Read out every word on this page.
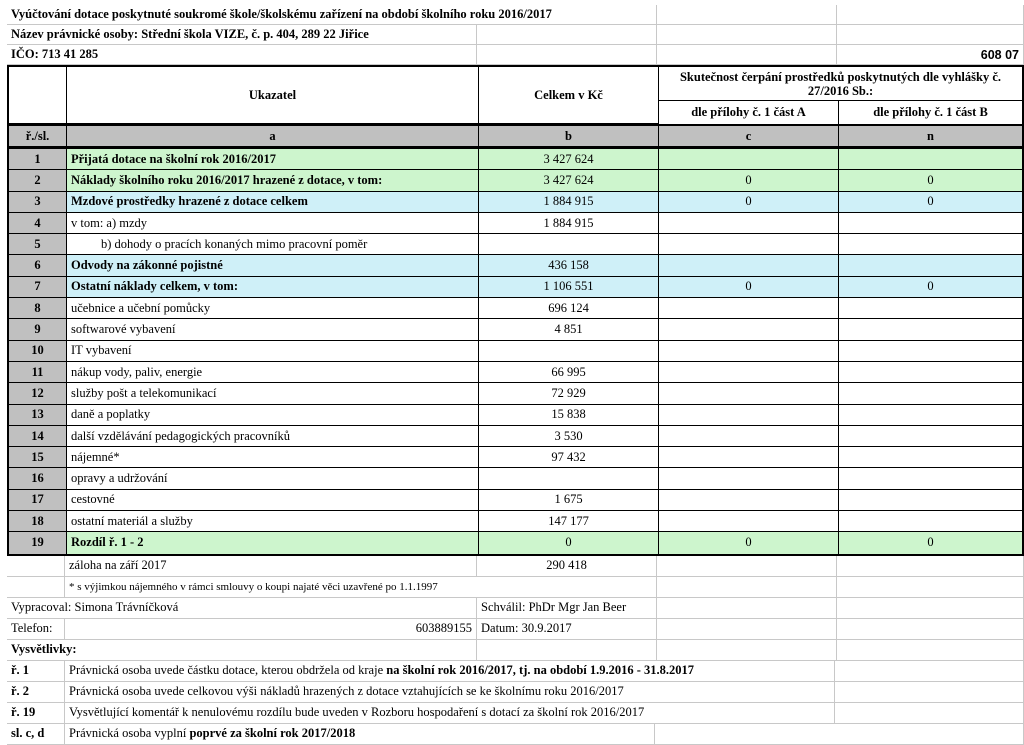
Vyúčtování dotace poskytnuté soukromé škole/školskému zařízení na období školního roku 2016/2017
Název právnické osoby: Střední škola VIZE, č. p. 404, 289 22 Jiřice
IČO: 713 41 285	608 07
Ukazatel	Celkem v Kč
Skutečnost čerpání prostředků poskytnutých dle vyhlášky č. 27/2016 Sb.:
dle přílohy č. 1 část A	dle přílohy č. 1 část B
ř./sl.	a	b	c	n
1	Přijatá dotace na školní rok 2016/2017	3 427 624
2	Náklady školního roku 2016/2017 hrazené z dotace, v tom:	3 427 624	0	0
3	Mzdové prostředky hrazené z dotace celkem	1 884 915	0	0
4	v tom: a) mzdy	1 884 915
5	b) dohody o pracích konaných mimo pracovní poměr
6	Odvody na zákonné pojistné	436 158
7	Ostatní náklady celkem, v tom:	1 106 551	0	0
8	učebnice a učební pomůcky	696 124
9	softwarové vybavení	4 851
10	IT vybavení
11	nákup vody, paliv, energie	66 995
12	služby pošt a telekomunikací	72 929
13	daně a poplatky	15 838
14	další vzdělávání pedagogických pracovníků	3 530
15	nájemné*	97 432
16	opravy a udržování
17	cestovné	1 675
18	ostatní materiál a služby	147 177
19	Rozdíl ř. 1 - 2	0	0	0
záloha na září 2017	290 418
* s výjimkou nájemného v rámci smlouvy o koupi najaté věci uzavřené po 1.1.1997
Vypracoval: Simona Trávníčková	Schválil: PhDr Mgr Jan Beer
Telefon:	603889155 Datum: 30.9.2017
Vysvětlivky:
ř. 1	Právnická osoba uvede částku dotace, kterou obdržela od kraje na školní rok 2016/2017, tj. na období 1.9.2016 - 31.8.2017
ř. 2	Právnická osoba uvede celkovou výši nákladů hrazených z dotace vztahujících se ke školnímu roku 2016/2017
ř. 19	Vysvětlující komentář k nenulovému rozdílu bude uveden v Rozboru hospodaření s dotací za školní rok 2016/2017
sl. c, d	Právnická osoba vyplní poprvé za školní rok 2017/2018
